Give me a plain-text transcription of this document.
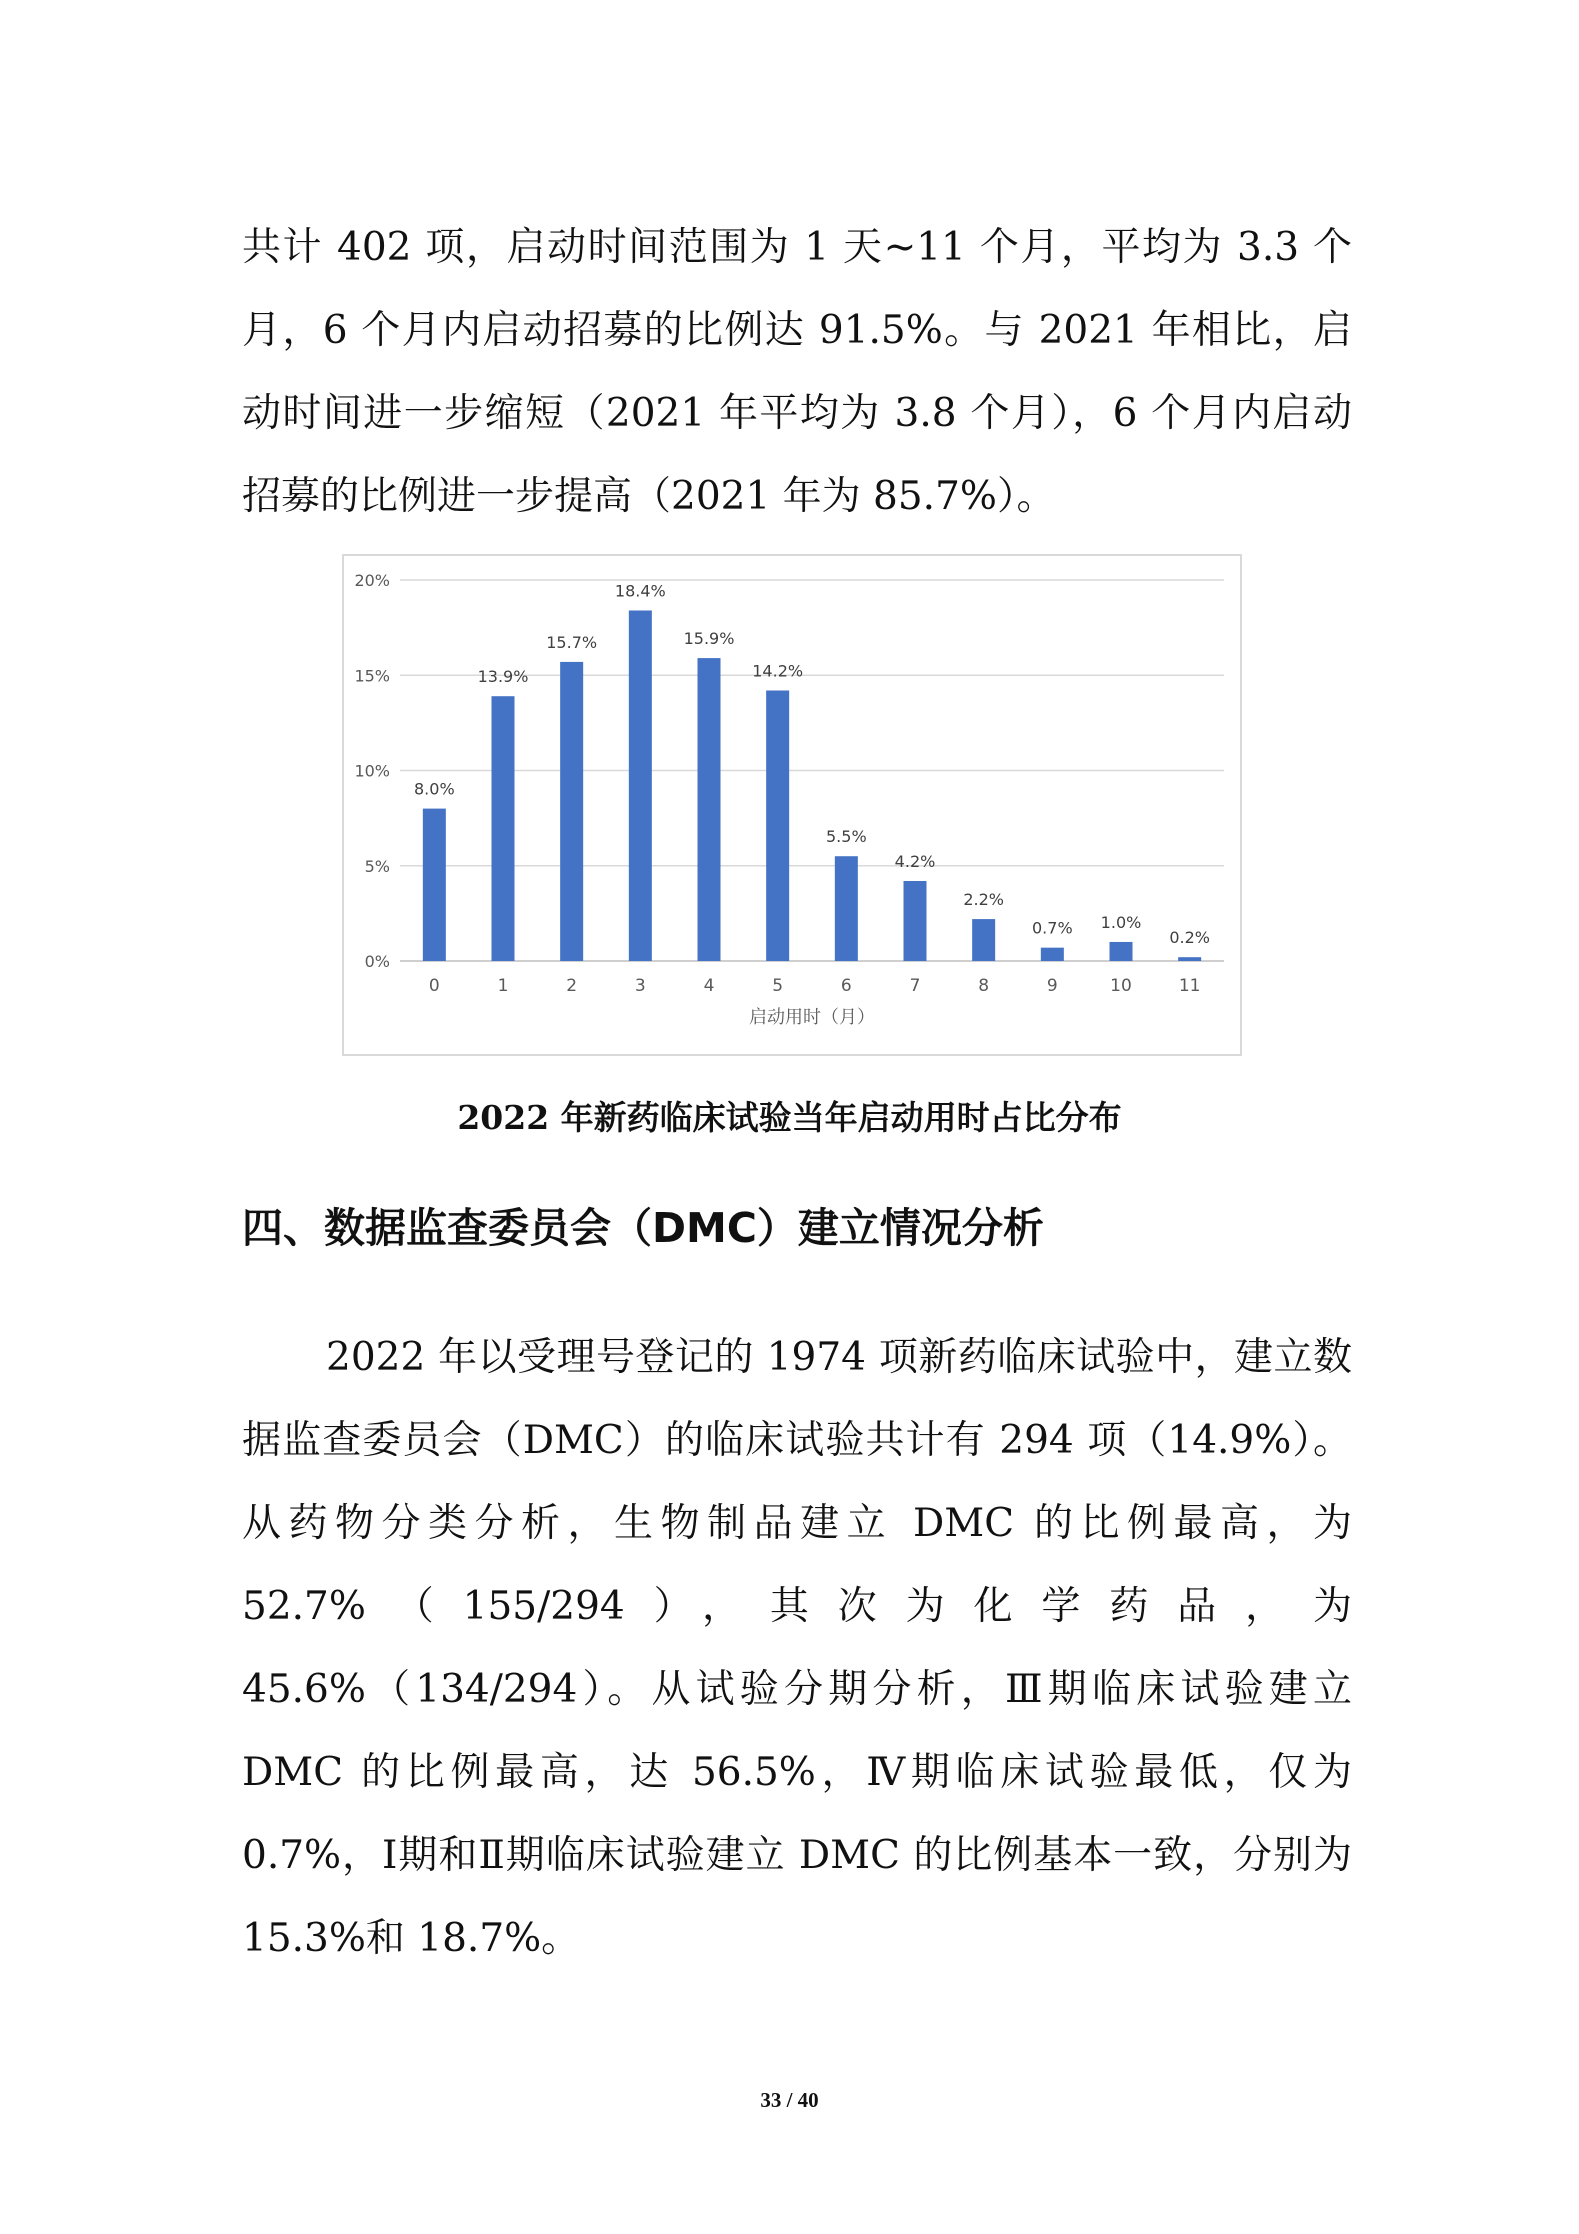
共计 402 项，启动时间范围为 1 天~11 个月，平均为 3.3 个月，6 个月内启动招募的比例达 91.5%。与 2021 年相比，启动时间进一步缩短（2021 年平均为 3.8 个月），6 个月内启动招募的比例进一步提高（2021 年为 85.7%）。

0%
5%
10%
15%
20%
8.0%
0
13.9%
1
15.7%
2
18.4%
3
15.9%
4
14.2%
5
5.5%
6
4.2%
7
2.2%
8
0.7%
9
1.0%
10
0.2%
11
启动用时（月）

2022 年新药临床试验当年启动用时占比分布

四、数据监查委员会（DMC）建立情况分析

2022 年以受理号登记的 1974 项新药临床试验中，建立数据监查委员会（DMC）的临床试验共计有 294 项（14.9%）。从药物分类分析，生物制品建立 DMC 的比例最高，为 52.7%（155/294），其次为化学药品，为 45.6%（134/294）。从试验分期分析，Ⅲ期临床试验建立 DMC 的比例最高，达 56.5%，Ⅳ期临床试验最低，仅为 0.7%，Ⅰ期和Ⅱ期临床试验建立 DMC 的比例基本一致，分别为 15.3%和 18.7%。

33 / 40
